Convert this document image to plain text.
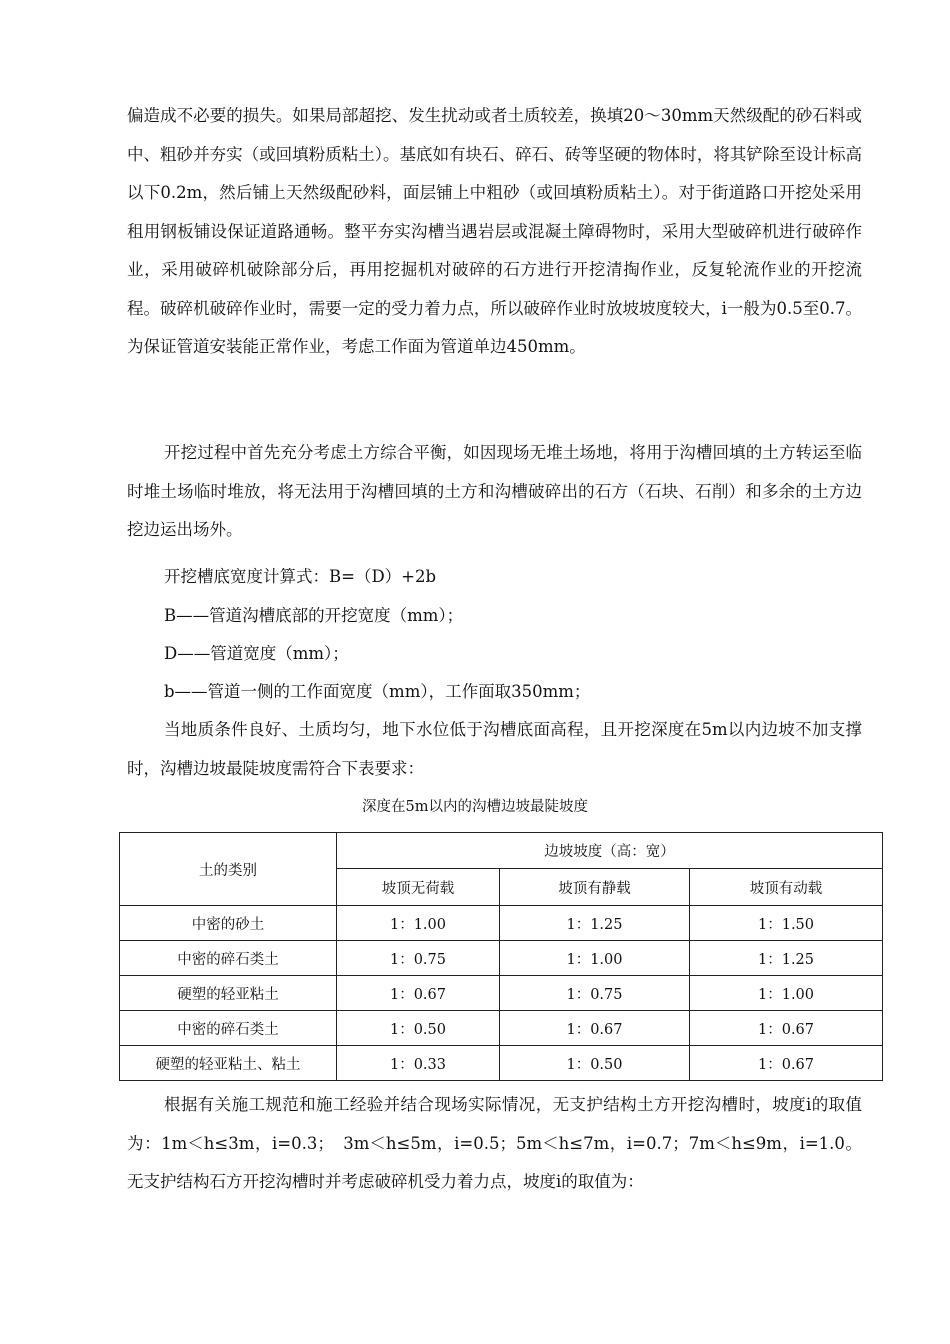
偏造成不必要的损失。如果局部超挖、发生扰动或者土质较差，换填20～30mm天然级配的砂石料或中、粗砂并夯实（或回填粉质粘土）。基底如有块石、碎石、砖等坚硬的物体时，将其铲除至设计标高以下0.2m，然后铺上天然级配砂料，面层铺上中粗砂（或回填粉质粘土）。对于街道路口开挖处采用租用钢板铺设保证道路通畅。整平夯实沟槽当遇岩层或混凝土障碍物时，采用大型破碎机进行破碎作业，采用破碎机破除部分后，再用挖掘机对破碎的石方进行开挖清掏作业，反复轮流作业的开挖流程。破碎机破碎作业时，需要一定的受力着力点，所以破碎作业时放坡坡度较大，i一般为0.5至0.7。为保证管道安装能正常作业，考虑工作面为管道单边450mm。

开挖过程中首先充分考虑土方综合平衡，如因现场无堆土场地，将用于沟槽回填的土方转运至临时堆土场临时堆放，将无法用于沟槽回填的土方和沟槽破碎出的石方（石块、石削）和多余的土方边挖边运出场外。

开挖槽底宽度计算式：B=（D）+2b

B——管道沟槽底部的开挖宽度（mm）；

D——管道宽度（mm）；

b——管道一侧的工作面宽度（mm），工作面取350mm；

当地质条件良好、土质均匀，地下水位低于沟槽底面高程，且开挖深度在5m以内边坡不加支撑时，沟槽边坡最陡坡度需符合下表要求：

深度在5m以内的沟槽边坡最陡坡度

土的类别	边坡坡度（高：宽）		
	坡顶无荷载	坡顶有静载	坡顶有动载
中密的砂土	1：1.00	1：1.25	1：1.50
中密的碎石类土	1：0.75	1：1.00	1：1.25
硬塑的轻亚粘土	1：0.67	1：0.75	1：1.00
中密的碎石类土	1：0.50	1：0.67	1：0.67
硬塑的轻亚粘土、粘土	1：0.33	1：0.50	1：0.67

根据有关施工规范和施工经验并结合现场实际情况，无支护结构土方开挖沟槽时，坡度i的取值为：1m＜h≤3m，i=0.3；　3m＜h≤5m，i=0.5；5m＜h≤7m，i=0.7；7m＜h≤9m，i=1.0。无支护结构石方开挖沟槽时并考虑破碎机受力着力点，坡度i的取值为：
